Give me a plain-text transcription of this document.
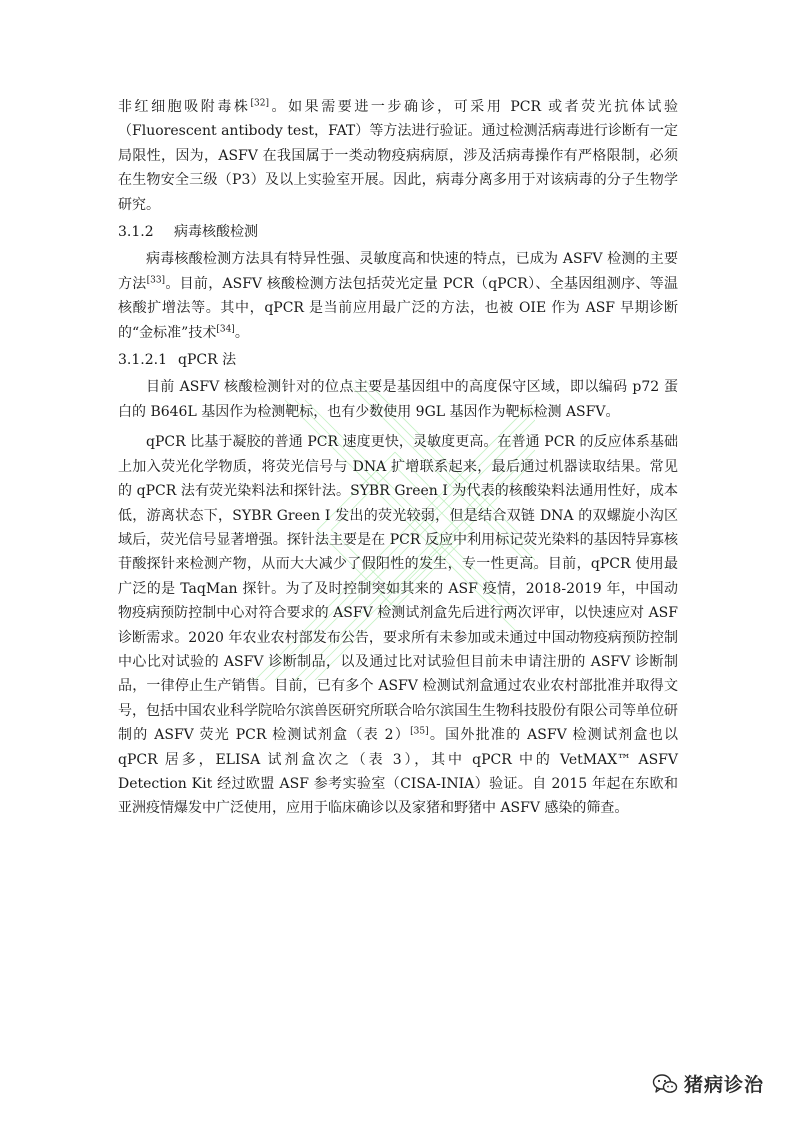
非红细胞吸附毒株[32]。如果需要进一步确诊，可采用 PCR 或者荧光抗体试验（Fluorescent antibody test，FAT）等方法进行验证。通过检测活病毒进行诊断有一定局限性，因为，ASFV 在我国属于一类动物疫病病原，涉及活病毒操作有严格限制，必须在生物安全三级（P3）及以上实验室开展。因此，病毒分离多用于对该病毒的分子生物学研究。

3.1.2 病毒核酸检测

病毒核酸检测方法具有特异性强、灵敏度高和快速的特点，已成为 ASFV 检测的主要方法[33]。目前，ASFV 核酸检测方法包括荧光定量 PCR（qPCR）、全基因组测序、等温核酸扩增法等。其中，qPCR 是当前应用最广泛的方法，也被 OIE 作为 ASF 早期诊断的“金标准”技术[34]。

3.1.2.1 qPCR 法

目前 ASFV 核酸检测针对的位点主要是基因组中的高度保守区域，即以编码 p72 蛋白的 B646L 基因作为检测靶标，也有少数使用 9GL 基因作为靶标检测 ASFV。

qPCR 比基于凝胶的普通 PCR 速度更快，灵敏度更高。在普通 PCR 的反应体系基础上加入荧光化学物质，将荧光信号与 DNA 扩增联系起来，最后通过机器读取结果。常见的 qPCR 法有荧光染料法和探针法。SYBR Green I 为代表的核酸染料法通用性好，成本低，游离状态下，SYBR Green I 发出的荧光较弱，但是结合双链 DNA 的双螺旋小沟区域后，荧光信号显著增强。探针法主要是在 PCR 反应中利用标记荧光染料的基因特异寡核苷酸探针来检测产物，从而大大减少了假阳性的发生，专一性更高。目前，qPCR 使用最广泛的是 TaqMan 探针。为了及时控制突如其来的 ASF 疫情，2018-2019 年，中国动物疫病预防控制中心对符合要求的 ASFV 检测试剂盒先后进行两次评审，以快速应对 ASF 诊断需求。2020 年农业农村部发布公告，要求所有未参加或未通过中国动物疫病预防控制中心比对试验的 ASFV 诊断制品，以及通过比对试验但目前未申请注册的 ASFV 诊断制品，一律停止生产销售。目前，已有多个 ASFV 检测试剂盒通过农业农村部批准并取得文号，包括中国农业科学院哈尔滨兽医研究所联合哈尔滨国生生物科技股份有限公司等单位研制的 ASFV 荧光 PCR 检测试剂盒（表 2）[35]。国外批准的 ASFV 检测试剂盒也以 qPCR 居多，ELISA 试剂盒次之（表 3），其中 qPCR 中的 VetMAX™ ASFV Detection Kit 经过欧盟 ASF 参考实验室（CISA-INIA）验证。自 2015 年起在东欧和亚洲疫情爆发中广泛使用，应用于临床确诊以及家猪和野猪中 ASFV 感染的筛查。

猪病诊治
